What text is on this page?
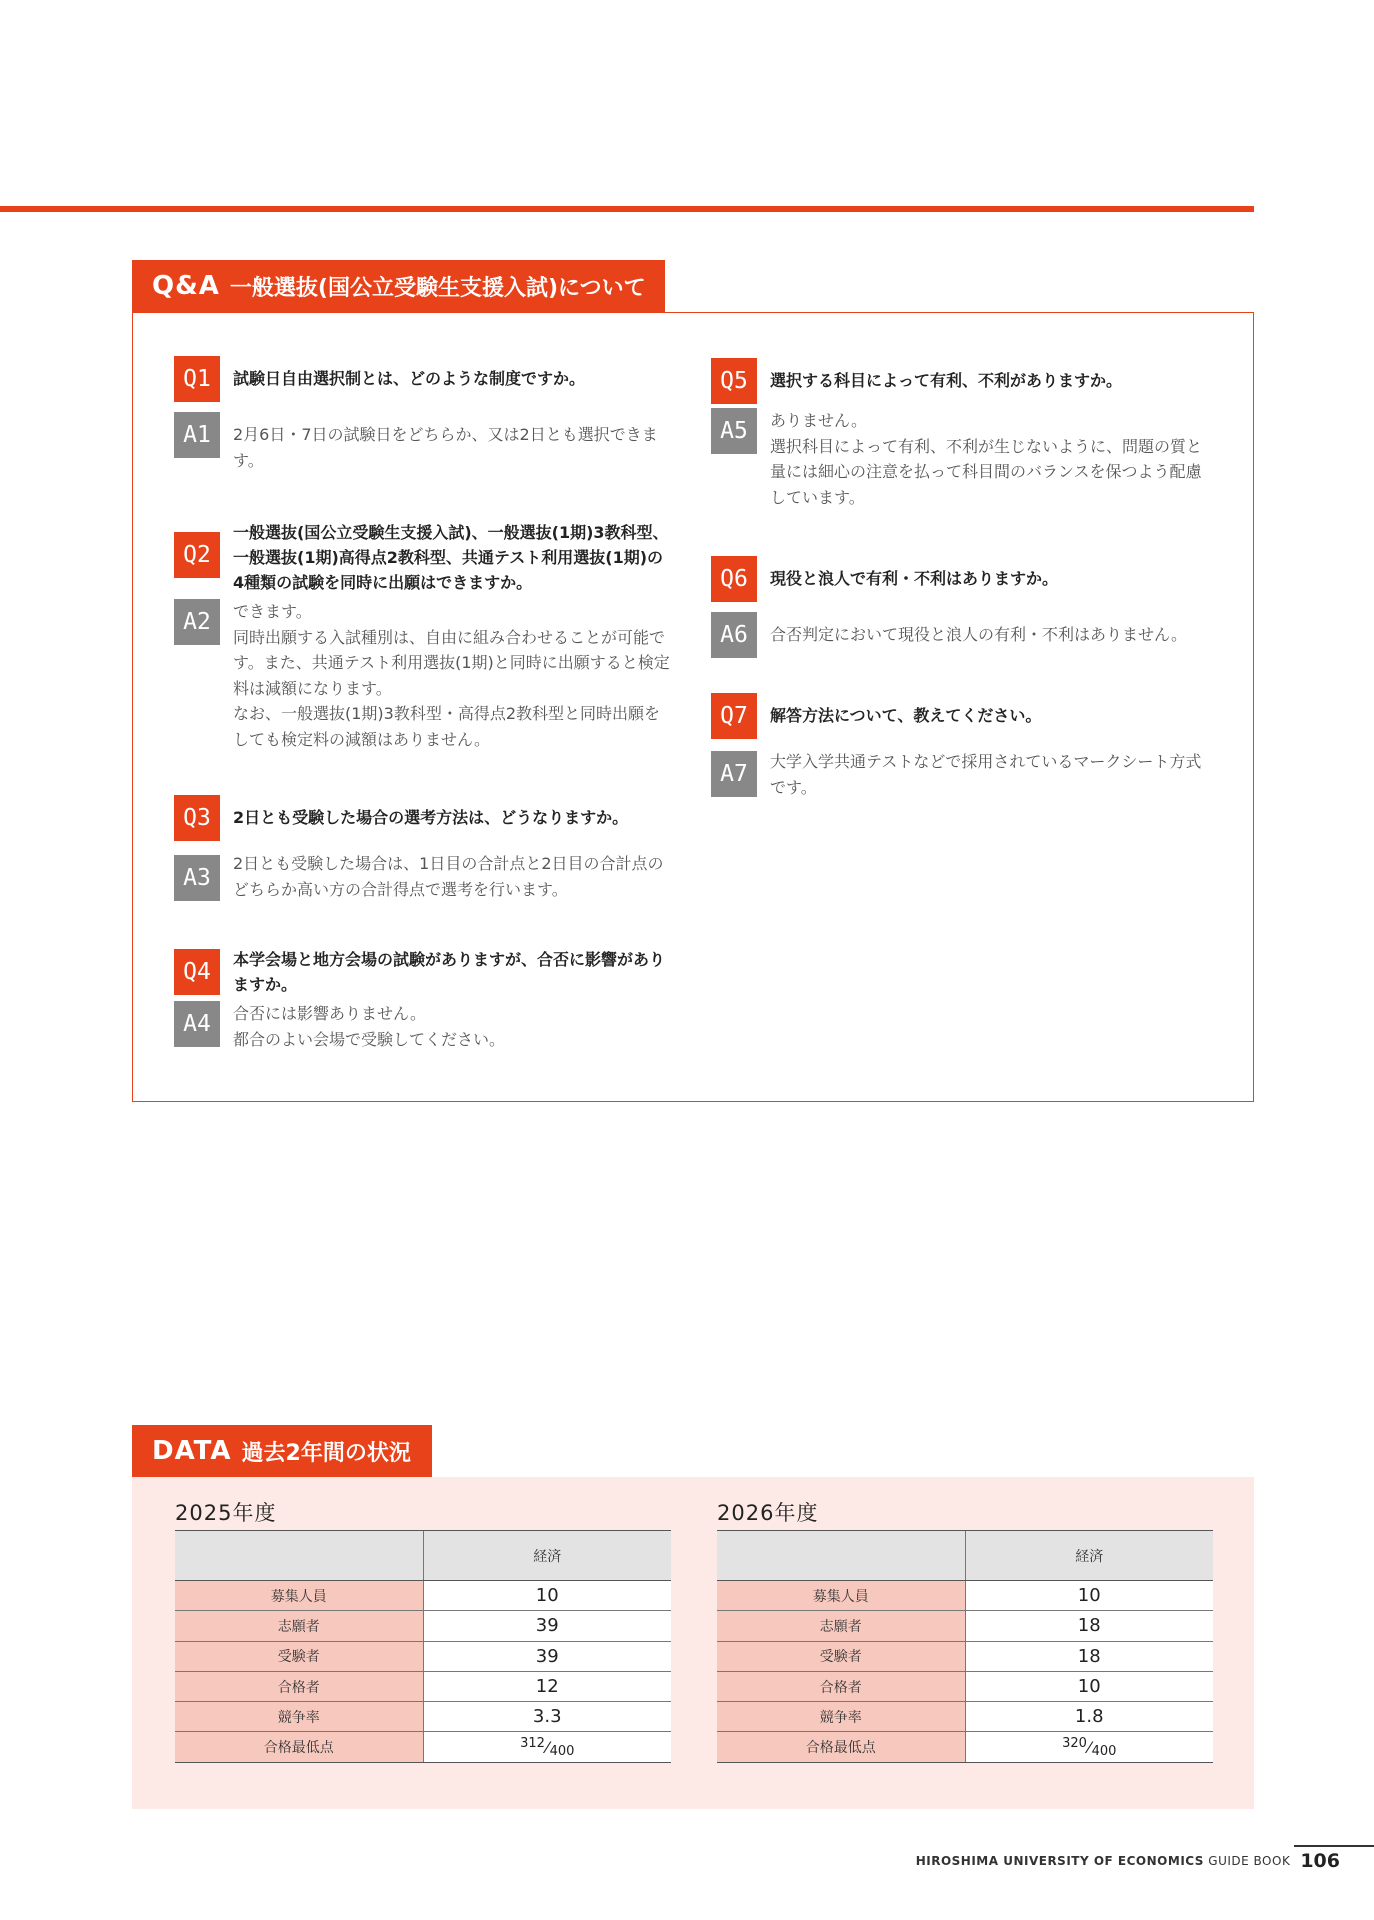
Q&A 一般選抜(国公立受験生支援入試)について
Q1	試験日自由選択制とは、どのような制度ですか。
A1	2月6日・7日の試験日をどちらか、又は2日とも選択できます。
Q2
一般選抜(国公立受験生支援入試)、一般選抜(1期)3教科型、一般選抜(1期)高得点2教科型、共通テスト利用選抜(1期)の4種類の試験を同時に出願はできますか。
A2	できます。
同時出願する入試種別は、自由に組み合わせることが可能です。また、共通テスト利用選抜(1期)と同時に出願すると検定料は減額になります。
なお、一般選抜(1期)3教科型・高得点2教科型と同時出願をしても検定料の減額はありません。
Q3	2日とも受験した場合の選考方法は、どうなりますか。
A3
2日とも受験した場合は、1日目の合計点と2日目の合計点のどちらか高い方の合計得点で選考を行います。
Q4	本学会場と地方会場の試験がありますが、合否に影響がありますか。
A4	合否には影響ありません。
都合のよい会場で受験してください。
Q5	選択する科目によって有利、不利がありますか。
A5	ありません。
選択科目によって有利、不利が生じないように、問題の質と量には細心の注意を払って科目間のバランスを保つよう配慮しています。
Q6	現役と浪人で有利・不利はありますか。
A6	合否判定において現役と浪人の有利・不利はありません。
Q7	解答方法について、教えてください。
A7	大学入学共通テストなどで採用されているマークシート方式です。
DATA 過去2年間の状況
2025年度
	経済
募集人員	10
志願者	39
受験者	39
合格者	12
競争率	3.3
合格最低点	312⁄400
2026年度
	経済
募集人員	10
志願者	18
受験者	18
合格者	10
競争率	1.8
合格最低点	320⁄400
HIROSHIMA UNIVERSITY OF ECONOMICS GUIDE BOOK 106
